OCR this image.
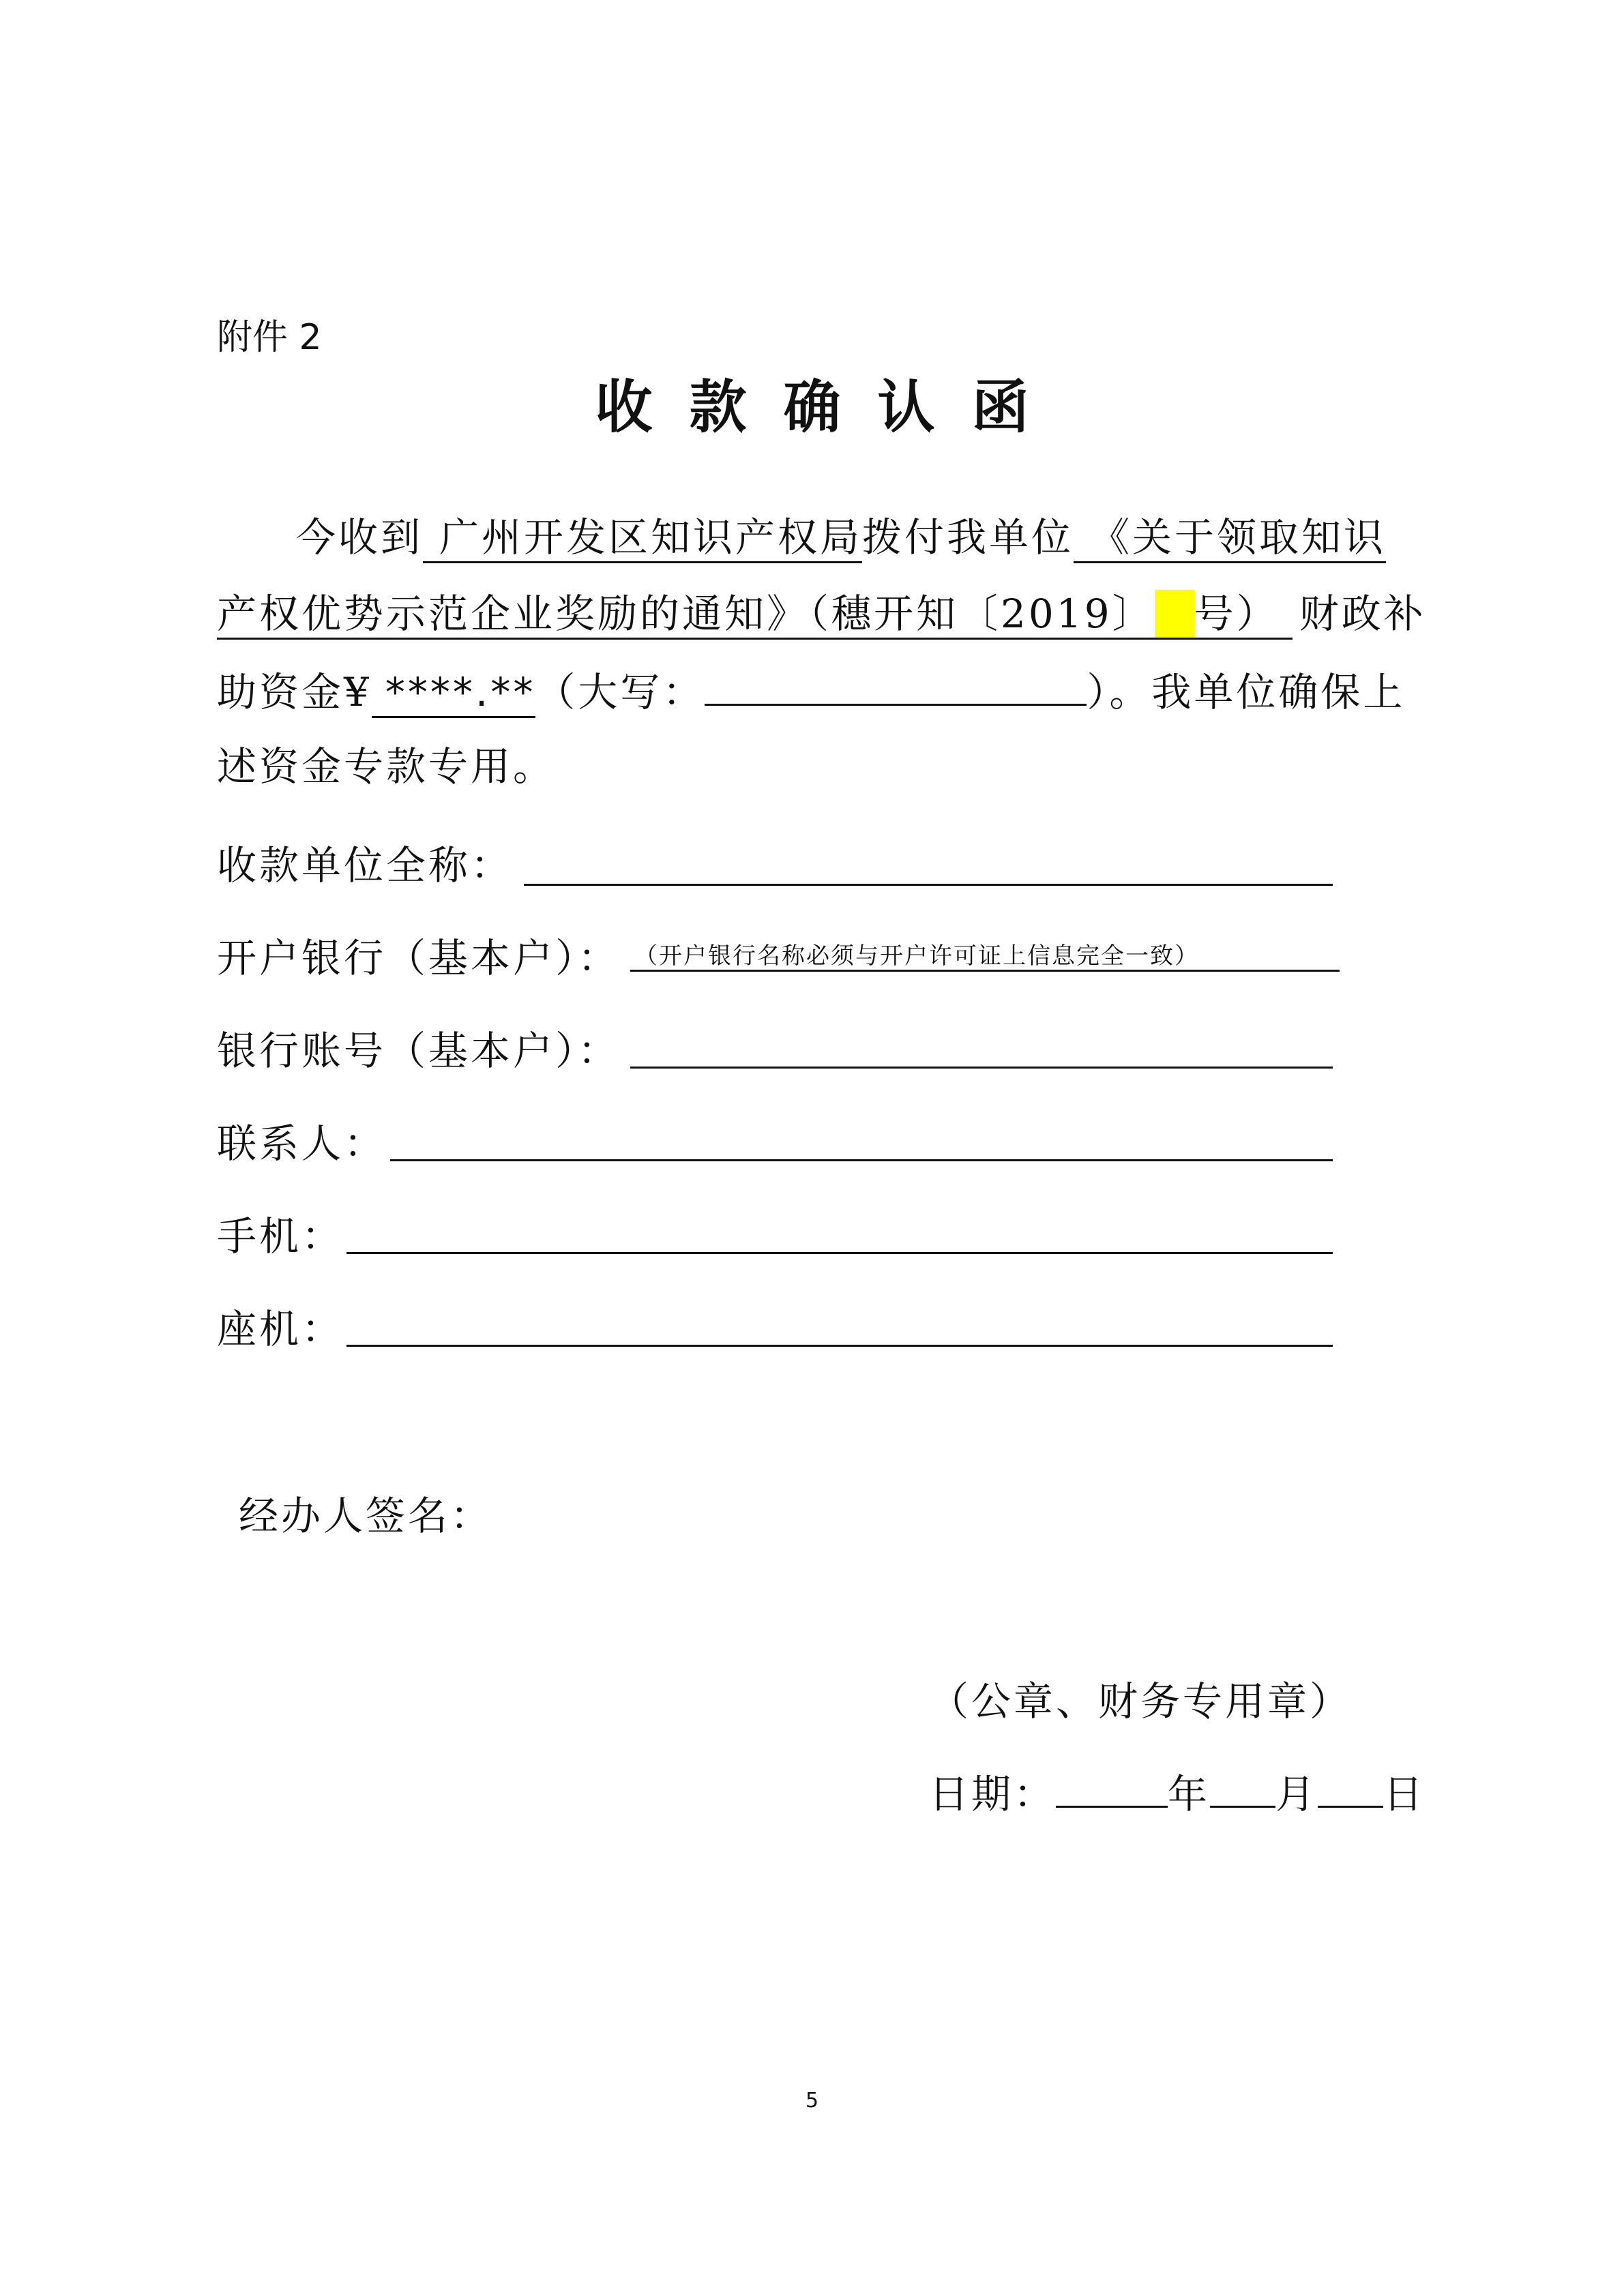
附件 2
收款确认函
今收到 广州开发区知识产权局拨付我单位 《关于领取知识
产权优势示范企业奖励的通知》（穗开知〔2019〕 号） 财政补
助资金¥ ****.**（大写：	）。我单位确保上
述资金专款专用。
收款单位全称：
开户银行（基本户）： （开户银行名称必须与开户许可证上信息完全一致）
银行账号（基本户）：
联系人：
手机：
座机：
经办人签名：
（公章、财务专用章）
日期：	年 月 日
5
